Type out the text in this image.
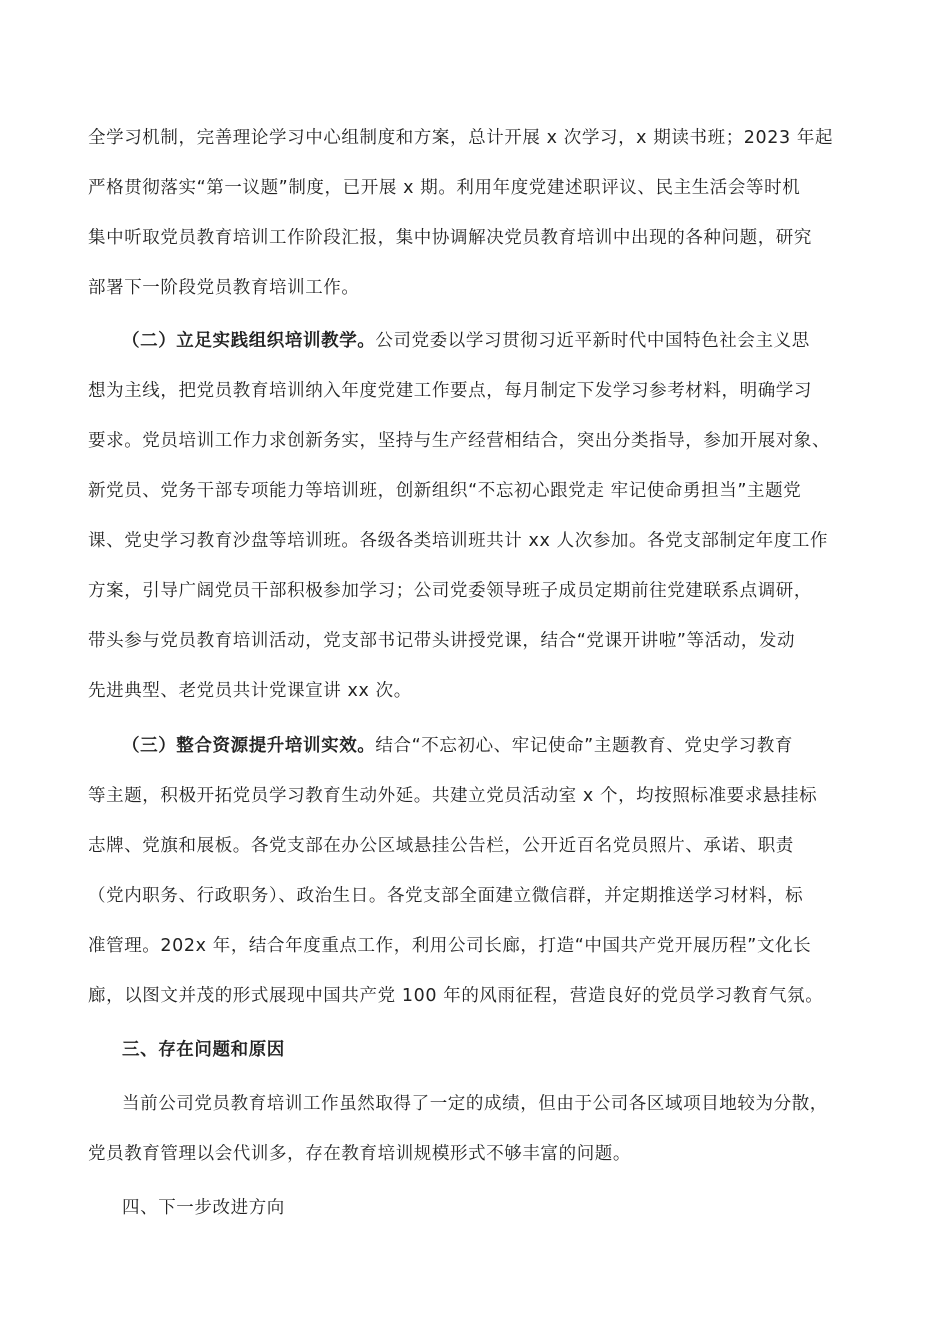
全学习机制，完善理论学习中心组制度和方案，总计开展 x 次学习，x 期读书班；2023 年起
严格贯彻落实“第一议题”制度，已开展 x 期。利用年度党建述职评议、民主生活会等时机
集中听取党员教育培训工作阶段汇报，集中协调解决党员教育培训中出现的各种问题，研究
部署下一阶段党员教育培训工作。
（二）立足实践组织培训教学。公司党委以学习贯彻习近平新时代中国特色社会主义思
想为主线，把党员教育培训纳入年度党建工作要点，每月制定下发学习参考材料，明确学习
要求。党员培训工作力求创新务实，坚持与生产经营相结合，突出分类指导，参加开展对象、
新党员、党务干部专项能力等培训班，创新组织“不忘初心跟党走 牢记使命勇担当”主题党
课、党史学习教育沙盘等培训班。各级各类培训班共计 xx 人次参加。各党支部制定年度工作
方案，引导广阔党员干部积极参加学习；公司党委领导班子成员定期前往党建联系点调研，
带头参与党员教育培训活动，党支部书记带头讲授党课，结合“党课开讲啦”等活动，发动
先进典型、老党员共计党课宣讲 xx 次。
（三）整合资源提升培训实效。结合“不忘初心、牢记使命”主题教育、党史学习教育
等主题，积极开拓党员学习教育生动外延。共建立党员活动室 x 个，均按照标准要求悬挂标
志牌、党旗和展板。各党支部在办公区域悬挂公告栏，公开近百名党员照片、承诺、职责
（党内职务、行政职务）、政治生日。各党支部全面建立微信群，并定期推送学习材料，标
准管理。202x 年，结合年度重点工作，利用公司长廊，打造“中国共产党开展历程”文化长
廊，以图文并茂的形式展现中国共产党 100 年的风雨征程，营造良好的党员学习教育气氛。
三、存在问题和原因
当前公司党员教育培训工作虽然取得了一定的成绩，但由于公司各区域项目地较为分散，
党员教育管理以会代训多，存在教育培训规模形式不够丰富的问题。
四、下一步改进方向
